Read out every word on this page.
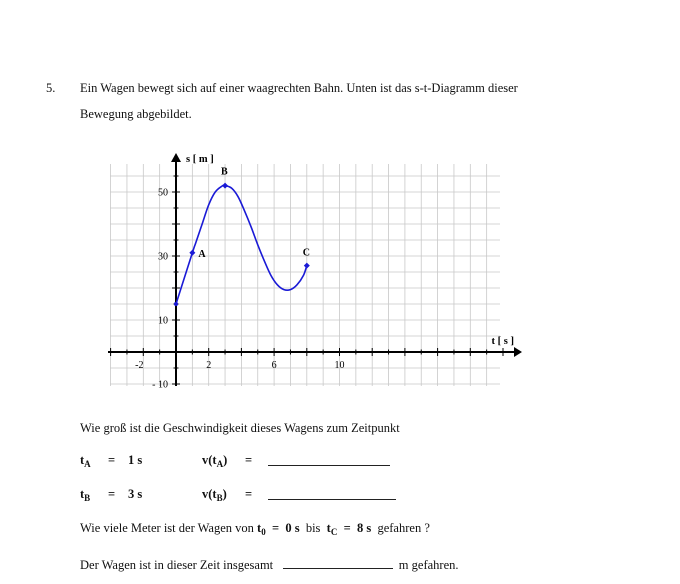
5. Ein Wagen bewegt sich auf einer waagrechten Bahn. Unten ist das s-t-Diagramm dieser
Bewegung abgebildet.
-2	2	6	10
- 10
10
30
50
s [ m ]
t [ s ]
A
B
C
Wie groß ist die Geschwindigkeit dieses Wagens zum Zeitpunkt
$t_A = 1$ s	$v(t_A)$ =
$t_B = 3$ s	$v(t_B)$ =
Wie viele Meter ist der Wagen von $t_0 = 0$ s bis $t_C = 8$ s gefahren ?
Der Wagen ist in dieser Zeit insgesamt	m gefahren.
